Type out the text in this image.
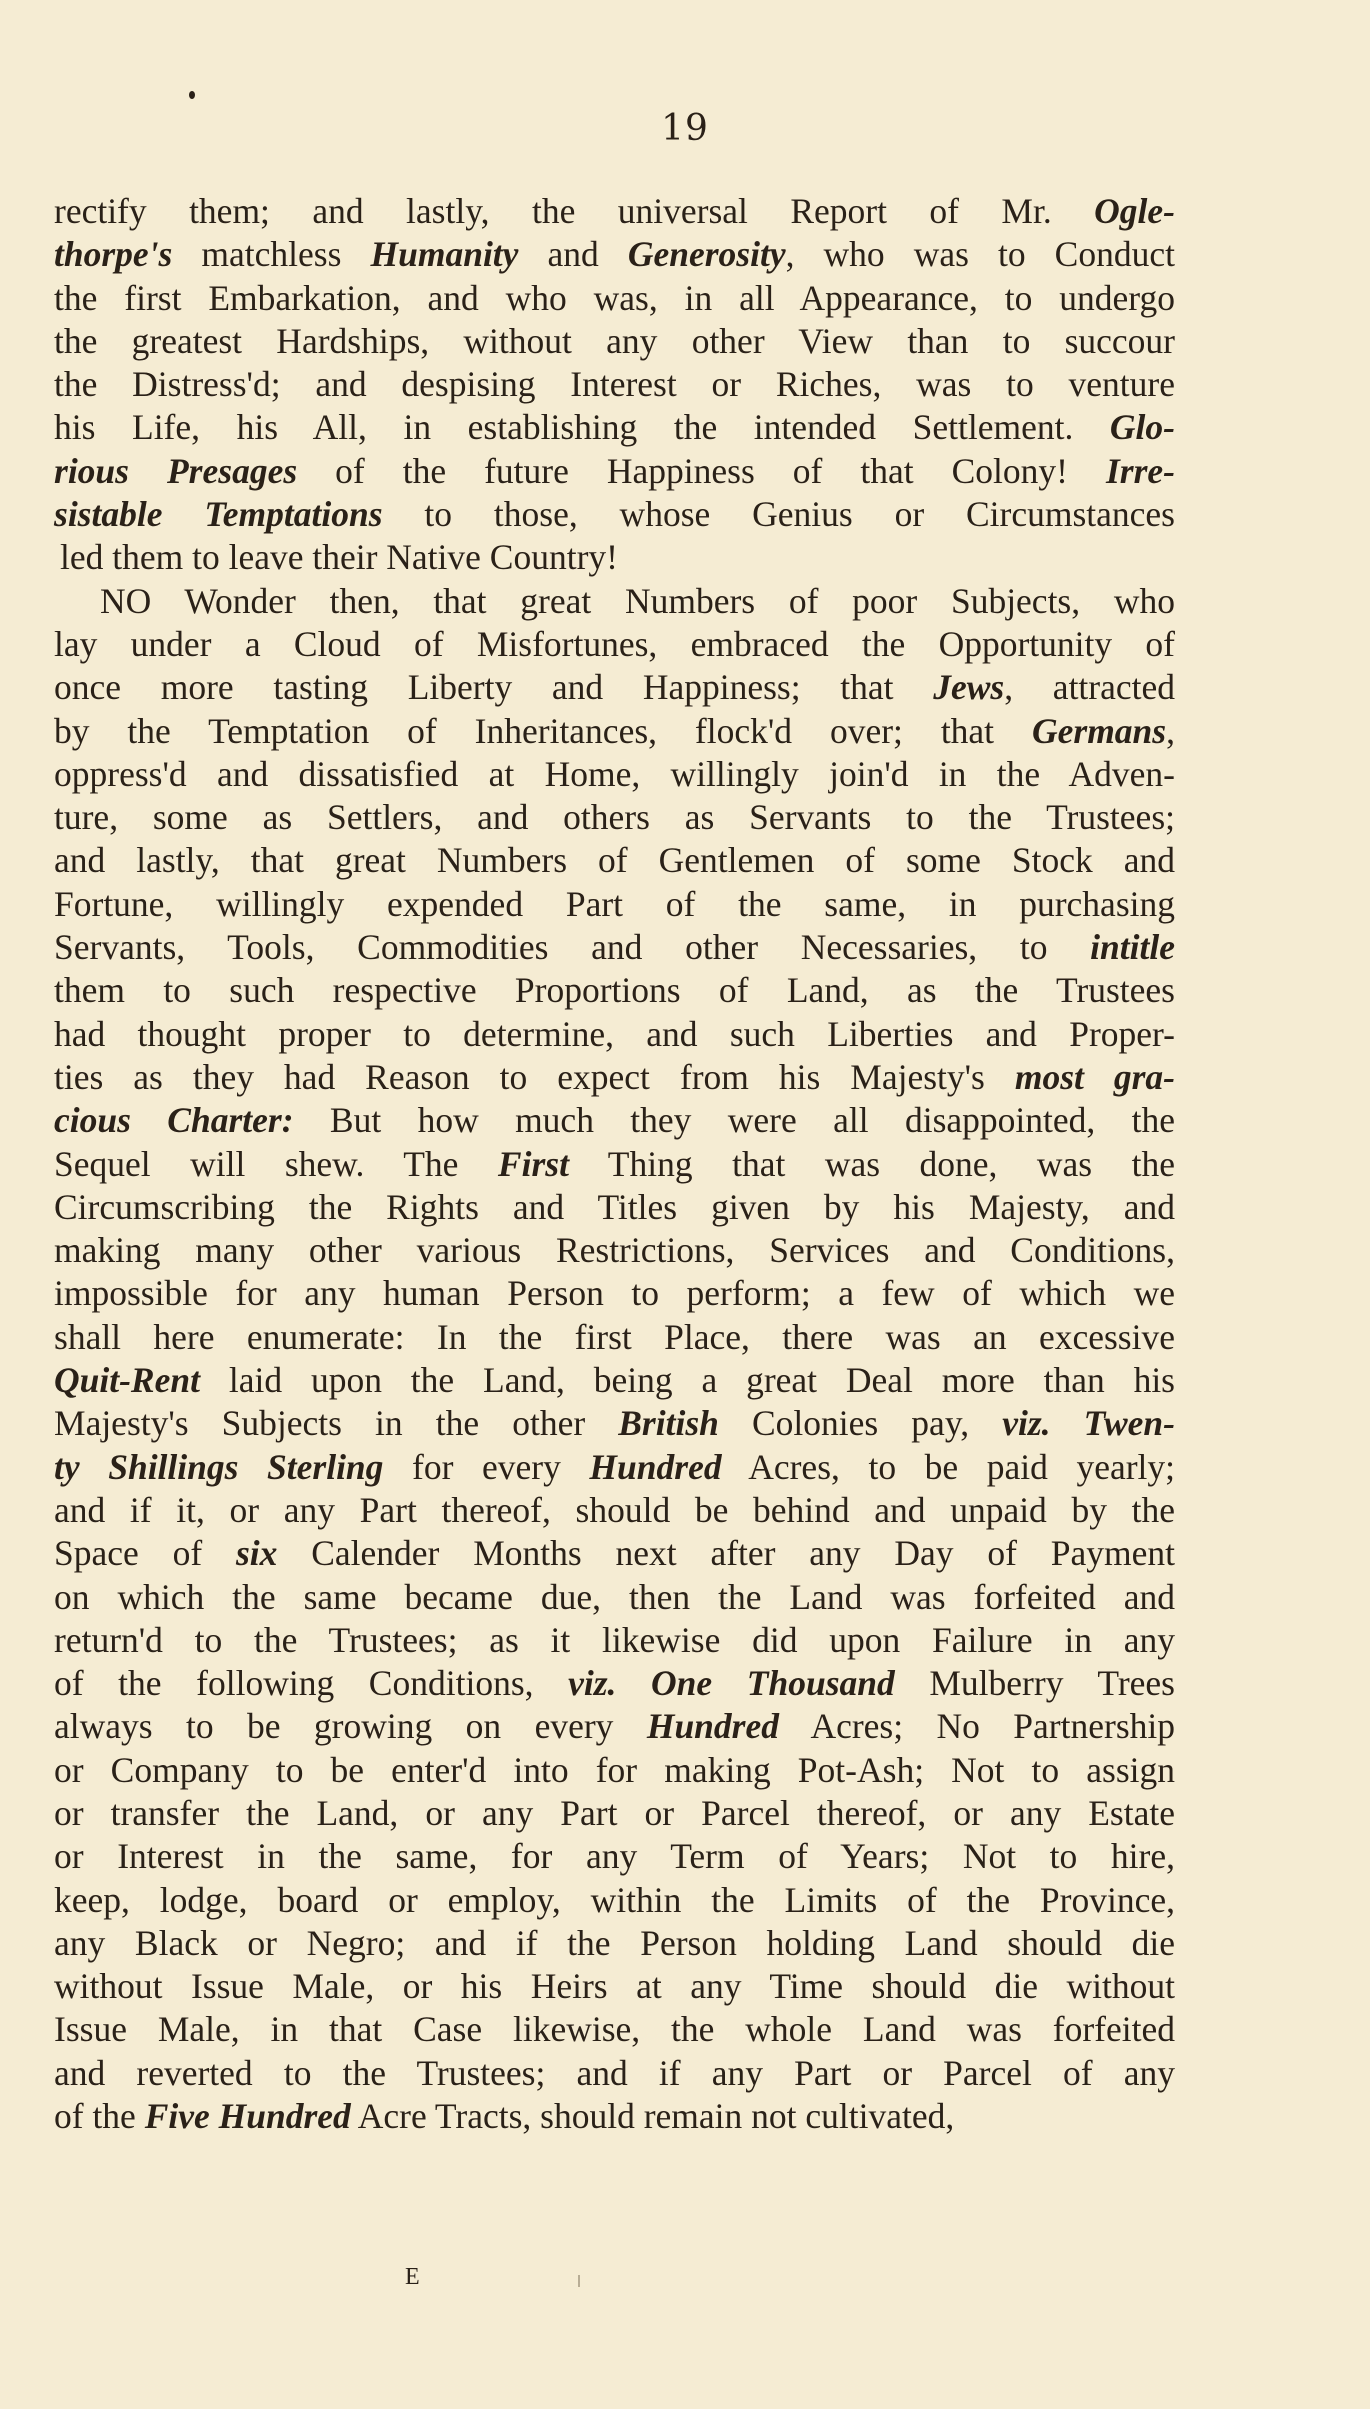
19
rectify them; and lastly, the universal Report of Mr. Ogle-
thorpe's matchless Humanity and Generosity, who was to Conduct
the first Embarkation, and who was, in all Appearance, to undergo
the greatest Hardships, without any other View than to succour
the Distress'd; and despising Interest or Riches, was to venture
his Life, his All, in establishing the intended Settlement. Glo-
rious Presages of the future Happiness of that Colony! Irre-
sistable Temptations to those, whose Genius or Circumstances
led them to leave their Native Country!
NO Wonder then, that great Numbers of poor Subjects, who
lay under a Cloud of Misfortunes, embraced the Opportunity of
once more tasting Liberty and Happiness; that Jews, attracted
by the Temptation of Inheritances, flock'd over; that Germans,
oppress'd and dissatisfied at Home, willingly join'd in the Adven-
ture, some as Settlers, and others as Servants to the Trustees;
and lastly, that great Numbers of Gentlemen of some Stock and
Fortune, willingly expended Part of the same, in purchasing
Servants, Tools, Commodities and other Necessaries, to intitle
them to such respective Proportions of Land, as the Trustees
had thought proper to determine, and such Liberties and Proper-
ties as they had Reason to expect from his Majesty's most gra-
cious Charter: But how much they were all disappointed, the
Sequel will shew. The First Thing that was done, was the
Circumscribing the Rights and Titles given by his Majesty, and
making many other various Restrictions, Services and Conditions,
impossible for any human Person to perform; a few of which we
shall here enumerate: In the first Place, there was an excessive
Quit-Rent laid upon the Land, being a great Deal more than his
Majesty's Subjects in the other British Colonies pay, viz. Twen-
ty Shillings Sterling for every Hundred Acres, to be paid yearly;
and if it, or any Part thereof, should be behind and unpaid by the
Space of six Calender Months next after any Day of Payment
on which the same became due, then the Land was forfeited and
return'd to the Trustees; as it likewise did upon Failure in any
of the following Conditions, viz. One Thousand Mulberry Trees
always to be growing on every Hundred Acres; No Partnership
or Company to be enter'd into for making Pot-Ash; Not to assign
or transfer the Land, or any Part or Parcel thereof, or any Estate
or Interest in the same, for any Term of Years; Not to hire,
keep, lodge, board or employ, within the Limits of the Province,
any Black or Negro; and if the Person holding Land should die
without Issue Male, or his Heirs at any Time should die without
Issue Male, in that Case likewise, the whole Land was forfeited
and reverted to the Trustees; and if any Part or Parcel of any
of the Five Hundred Acre Tracts, should remain not cultivated,
E
